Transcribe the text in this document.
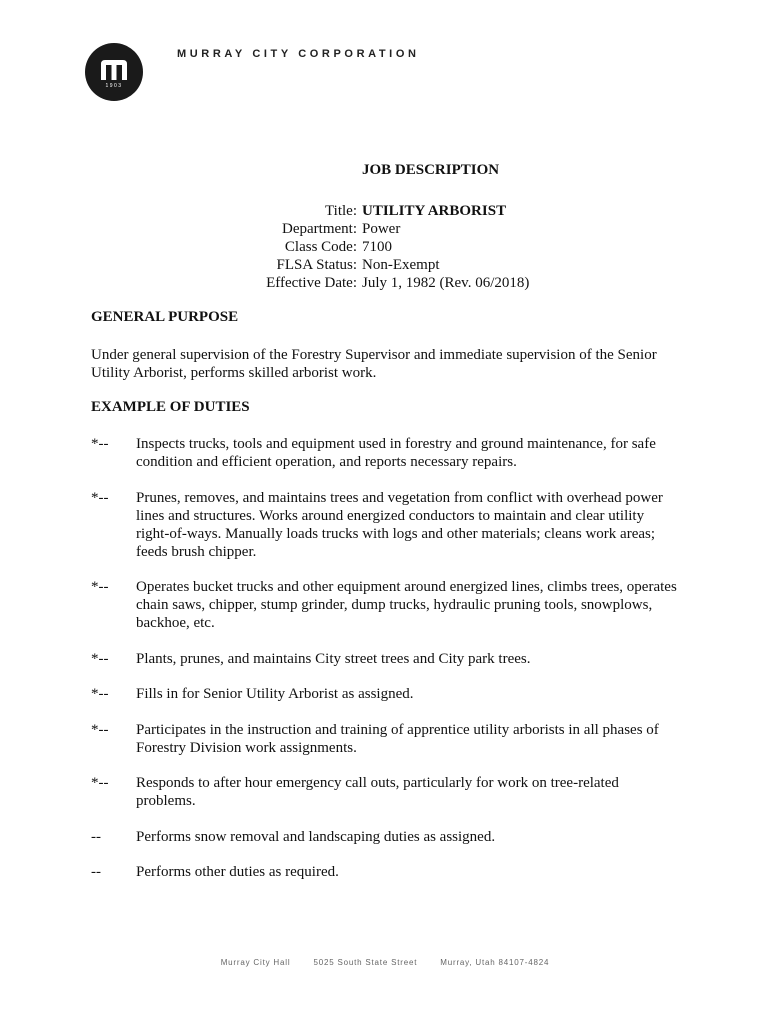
1903
MURRAY CITY CORPORATION
JOB DESCRIPTION
Title: UTILITY ARBORIST
Department: Power
Class Code: 7100
FLSA Status: Non-Exempt
Effective Date: July 1, 1982 (Rev. 06/2018)
GENERAL PURPOSE
Under general supervision of the Forestry Supervisor and immediate supervision of the Senior Utility Arborist, performs skilled arborist work.
EXAMPLE OF DUTIES
*-- Inspects trucks, tools and equipment used in forestry and ground maintenance, for safe condition and efficient operation, and reports necessary repairs.
*-- Prunes, removes, and maintains trees and vegetation from conflict with overhead power lines and structures. Works around energized conductors to maintain and clear utility right-of-ways. Manually loads trucks with logs and other materials; cleans work areas; feeds brush chipper.
*-- Operates bucket trucks and other equipment around energized lines, climbs trees, operates chain saws, chipper, stump grinder, dump trucks, hydraulic pruning tools, snowplows, backhoe, etc.
*-- Plants, prunes, and maintains City street trees and City park trees.
*-- Fills in for Senior Utility Arborist as assigned.
*-- Participates in the instruction and training of apprentice utility arborists in all phases of Forestry Division work assignments.
*-- Responds to after hour emergency call outs, particularly for work on tree-related problems.
-- Performs snow removal and landscaping duties as assigned.
-- Performs other duties as required.
Murray City Hall	5025 South State Street	Murray, Utah 84107-4824
